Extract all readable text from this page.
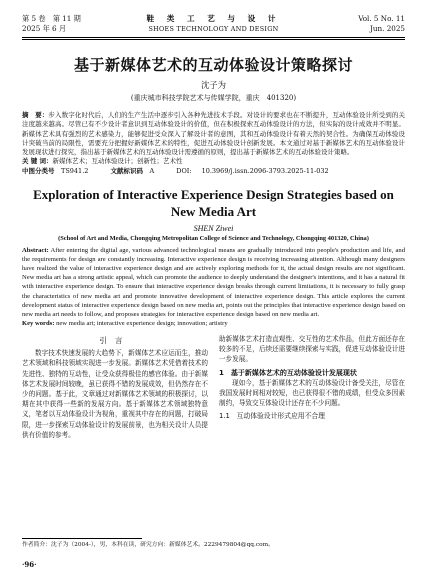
第 5 卷　第 11 期
2025 年 6 月
鞋 类 工 艺 与 设 计
SHOES TECHNOLOGY AND DESIGN
Vol. 5 No. 11
Jun. 2025
基于新媒体艺术的互动体验设计策略探讨
沈子为
(重庆城市科技学院艺术与传媒学院，重庆　401320)
摘　要：步入数字化时代后，人们的生产生活中逐步引入各种先进技术手段。对设计的要求也在不断提升，互动体验设计所受到的关注度越来越高。尽管已有不少设计者意识到互动体验设计的价值，但在积极探索互动体验设计的方法，但实际的设计成效并不明显。新媒体艺术具有强烈的艺术感染力，能够促进受众深入了解设计者的意图，其和互动体验设计有着天然的契合性。为确保互动体验设计突破当前的局限性，需要充分把握好新媒体艺术的特性，促进互动体验设计创新发展。本文通过对基于新媒体艺术的互动体验设计发展现状进行探究，指出基于新媒体艺术的互动体验设计需遵循的原则，提出基于新媒体艺术的互动体验设计策略。
关 键 词：新媒体艺术；互动体验设计；创新性；艺术性
中图分类号　 TS941.2	文献标识码　 A	DOI: 10.3969/j.issn.2096-3793.2025-11-032
Exploration of Interactive Experience Design Strategies based on New Media Art
SHEN Ziwei
(School of Art and Media, Chongqing Metropolitan College of Science and Technology, Chongqing 401320, China)
Abstract: After entering the digital age, various advanced technological means are gradually introduced into people's production and life, and the requirements for design are constantly increasing. Interactive experience design is receiving increasing attention. Although many designers have realized the value of interactive experience design and are actively exploring methods for it, the actual design results are not significant. New media art has a strong artistic appeal, which can promote the audience to deeply understand the designer's intentions, and it has a natural fit with interactive experience design. To ensure that interactive experience design breaks through current limitations, it is necessary to fully grasp the characteristics of new media art and promote innovative development of interactive experience design. This article explores the current development status of interactive experience design based on new media art, points out the principles that interactive experience design based on new media art needs to follow, and proposes strategies for interactive experience design based on new media art.
Key words: new media art; interactive experience design; innovation; artistry
引言
数字技术快速发展的大趋势下，新媒体艺术应运而生，推动艺术领域和科技领域实现进一步发展。新媒体艺术凭借着技术的先进性、独特的互动性，让受众获得极佳的感官体验。由于新媒体艺术发展时间较晚，虽已获得不错的发展成效，但仍然存在不少的问题。基于此，文章通过对新媒体艺术领域的积极探讨，以期在其中获得一些新的发展方向。基于新媒体艺术领域独特意义，笔者以互动体验设计为视角，重视其中存在的问题，打破局限，进一步探索互动体验设计的发展前景，也为相关设计人员提供有价值的参考。
助新媒体艺术打造直观性、交互性的艺术作品，但此方面还存在较多的不足，后续还需要继续探索与实践，促进互动体验设计进一步发展。
1　基于新媒体艺术的互动体验设计发展现状
现如今，基于新媒体艺术的互动体验设计备受关注，尽管在我国发展时间相对较短，也已获得很不错的成绩，但受众多因素制约，导致交互体验设计还存在不少问题。
1.1　互动体验设计形式应用不合理
作者简介：沈子为（2004-），男，本科在读，研究方向：新媒体艺术。2229479804@qq.com。
·96·
